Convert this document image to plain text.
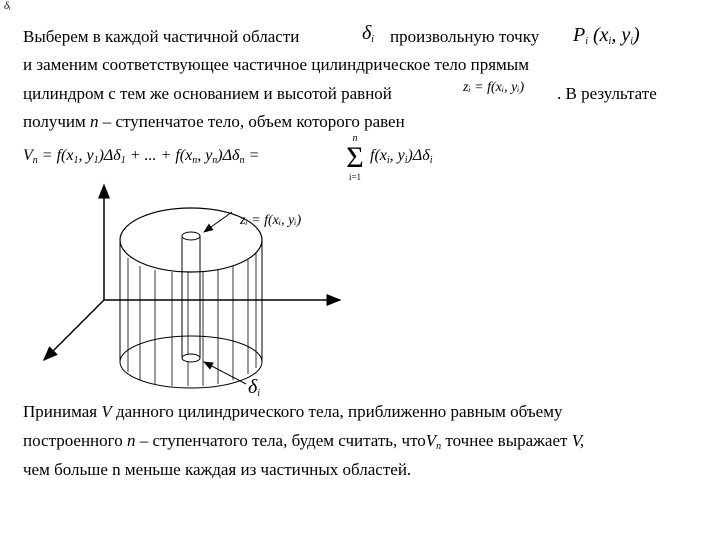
δᵢ
Выберем в каждой частичной области	$\delta_i$ произвольную точку $P_i$ ($x_i$, $y_i$)
и заменим соответствующее частичное цилиндрическое тело прямым
цилиндром с тем же основанием и высотой равной	zᵢ = f(xᵢ, yᵢ) . В результате
получим n – ступенчатое тело, объем которого равен
$V_n = f(x_1$, $y_1)\Delta\delta_1$ + ... + $f(x_n$, $y_n)\Delta\delta_n$ =
n
Σ
i=1
$f(x_i$, $y_i)\Delta\delta_i$
zᵢ = f(xᵢ, yᵢ)
$\delta_i$
Принимая V данного цилиндрического тела, приближенно равным объему
построенного n – ступенчатого тела, будем считать, чтоV$_n$ точнее выражает V,
чем больше n меньше каждая из частичных областей.
